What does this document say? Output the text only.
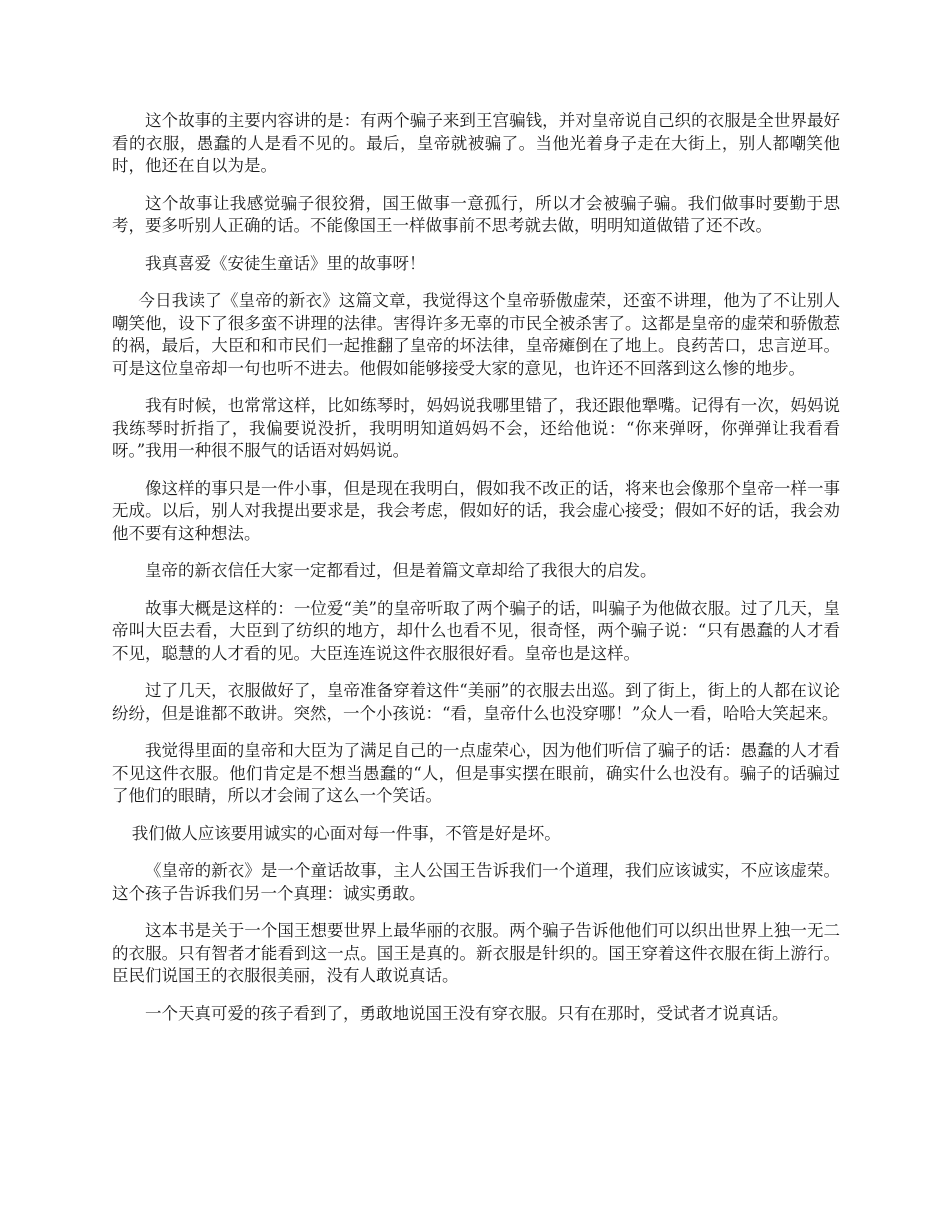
这个故事的主要内容讲的是：有两个骗子来到王宫骗钱，并对皇帝说自己织的衣服是全世界最好看的衣服，愚蠢的人是看不见的。最后，皇帝就被骗了。当他光着身子走在大街上，别人都嘲笑他时，他还在自以为是。

这个故事让我感觉骗子很狡猾，国王做事一意孤行，所以才会被骗子骗。我们做事时要勤于思考，要多听别人正确的话。不能像国王一样做事前不思考就去做，明明知道做错了还不改。

我真喜爱《安徒生童话》里的故事呀！

今日我读了《皇帝的新衣》这篇文章，我觉得这个皇帝骄傲虚荣，还蛮不讲理，他为了不让别人嘲笑他，设下了很多蛮不讲理的法律。害得许多无辜的市民全被杀害了。这都是皇帝的虚荣和骄傲惹的祸，最后，大臣和和市民们一起推翻了皇帝的坏法律，皇帝瘫倒在了地上。良药苦口，忠言逆耳。可是这位皇帝却一句也听不进去。他假如能够接受大家的意见，也许还不回落到这么惨的地步。

我有时候，也常常这样，比如练琴时，妈妈说我哪里错了，我还跟他犟嘴。记得有一次，妈妈说我练琴时折指了，我偏要说没折，我明明知道妈妈不会，还给他说：“你来弹呀，你弹弹让我看看呀。”我用一种很不服气的话语对妈妈说。

像这样的事只是一件小事，但是现在我明白，假如我不改正的话，将来也会像那个皇帝一样一事无成。以后，别人对我提出要求是，我会考虑，假如好的话，我会虚心接受；假如不好的话，我会劝他不要有这种想法。

皇帝的新衣信任大家一定都看过，但是着篇文章却给了我很大的启发。

故事大概是这样的：一位爱“美”的皇帝听取了两个骗子的话，叫骗子为他做衣服。过了几天，皇帝叫大臣去看，大臣到了纺织的地方，却什么也看不见，很奇怪，两个骗子说：“只有愚蠢的人才看不见，聪慧的人才看的见。大臣连连说这件衣服很好看。皇帝也是这样。

过了几天，衣服做好了，皇帝准备穿着这件“美丽”的衣服去出巡。到了街上，街上的人都在议论纷纷，但是谁都不敢讲。突然，一个小孩说：“看，皇帝什么也没穿哪！”众人一看，哈哈大笑起来。

我觉得里面的皇帝和大臣为了满足自己的一点虚荣心，因为他们听信了骗子的话：愚蠢的人才看不见这件衣服。他们肯定是不想当愚蠢的“人，但是事实摆在眼前，确实什么也没有。骗子的话骗过了他们的眼睛，所以才会闹了这么一个笑话。

我们做人应该要用诚实的心面对每一件事，不管是好是坏。

《皇帝的新衣》是一个童话故事，主人公国王告诉我们一个道理，我们应该诚实，不应该虚荣。这个孩子告诉我们另一个真理：诚实勇敢。

这本书是关于一个国王想要世界上最华丽的衣服。两个骗子告诉他他们可以织出世界上独一无二的衣服。只有智者才能看到这一点。国王是真的。新衣服是针织的。国王穿着这件衣服在街上游行。臣民们说国王的衣服很美丽，没有人敢说真话。

一个天真可爱的孩子看到了，勇敢地说国王没有穿衣服。只有在那时，受试者才说真话。
